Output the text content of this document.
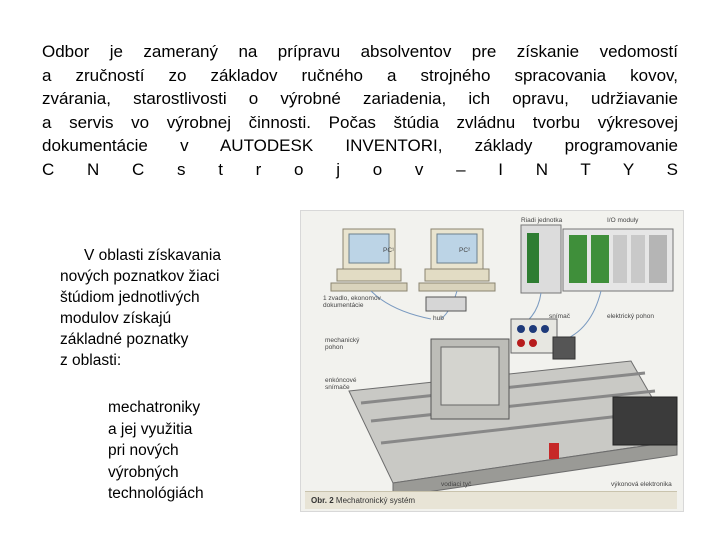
Odbor je zameraný na prípravu absolventov pre získanie vedomostí
a zručností zo základov ručného a strojného spracovania kovov,
zvárania, starostlivosti o výrobné zariadenia, ich opravu, udržiavanie
a servis vo výrobnej činnosti. Počas štúdia zvládnu tvorbu výkresovej
dokumentácie v AUTODESK INVENTORI, základy programovanie
C N C s t r o j o v – I N T Y S
V oblasti získavania
nových poznatkov žiaci
štúdiom jednotlivých
modulov získajú
základné poznatky
z oblasti:
mechatroniky
a jej využitia
pri nových
výrobných
technológiách
PC¹	PC²
Riadi jednotka	I/O moduly
1 zvadlo, ekonomov dokumentácie
hub	snímač	elektrický pohon
mechanický pohon
enkóncové snímače
vodiaci tyč	výkonová elektronika
Obr. 2 Mechatronický systém
